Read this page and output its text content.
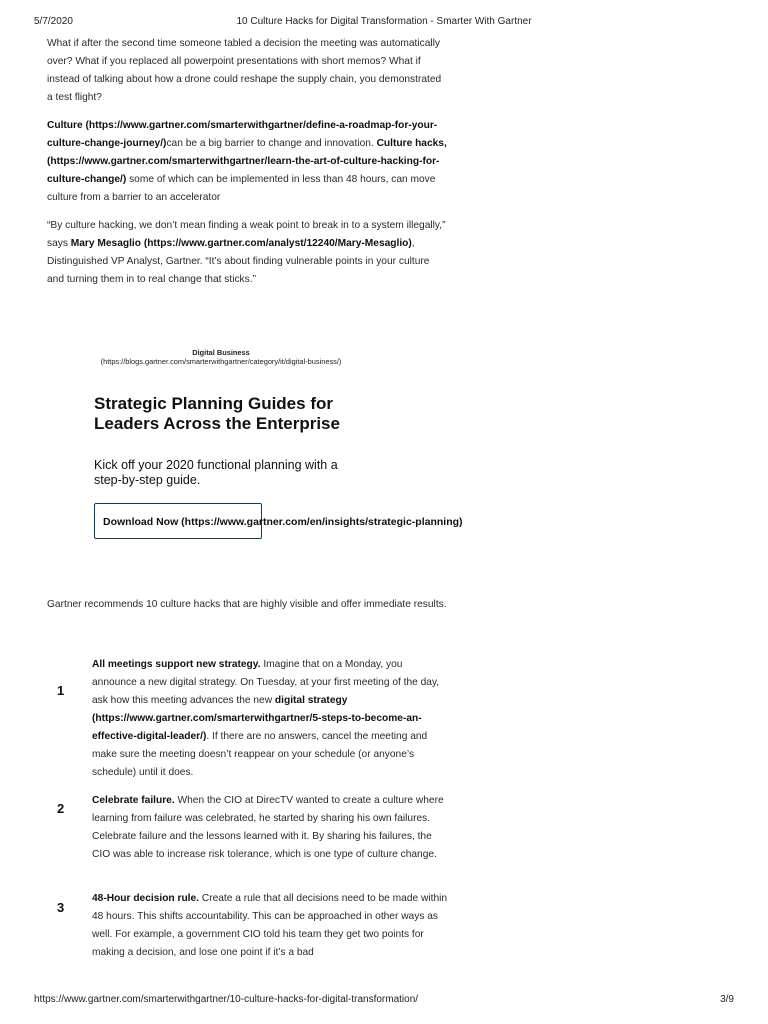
5/7/2020	10 Culture Hacks for Digital Transformation - Smarter With Gartner
What if after the second time someone tabled a decision the meeting was automatically over? What if you replaced all powerpoint presentations with short memos? What if instead of talking about how a drone could reshape the supply chain, you demonstrated a test flight?
Culture (https://www.gartner.com/smarterwithgartner/define-a-roadmap-for-your-culture-change-journey/)can be a big barrier to change and innovation. Culture hacks, (https://www.gartner.com/smarterwithgartner/learn-the-art-of-culture-hacking-for-culture-change/) some of which can be implemented in less than 48 hours, can move culture from a barrier to an accelerator
“By culture hacking, we don’t mean finding a weak point to break in to a system illegally,” says Mary Mesaglio (https://www.gartner.com/analyst/12240/Mary-Mesaglio), Distinguished VP Analyst, Gartner. “It’s about finding vulnerable points in your culture and turning them in to real change that sticks.”
Digital Business
(https://blogs.gartner.com/smarterwithgartner/category/it/digital-business/)
Strategic Planning Guides for Leaders Across the Enterprise
Kick off your 2020 functional planning with a step-by-step guide.
Download Now (https://www.gartner.com/en/insights/strategic-planning)
Gartner recommends 10 culture hacks that are highly visible and offer immediate results.
1
All meetings support new strategy. Imagine that on a Monday, you announce a new digital strategy. On Tuesday, at your first meeting of the day, ask how this meeting advances the new digital strategy (https://www.gartner.com/smarterwithgartner/5-steps-to-become-an-effective-digital-leader/). If there are no answers, cancel the meeting and make sure the meeting doesn’t reappear on your schedule (or anyone’s schedule) until it does.
2
Celebrate failure. When the CIO at DirecTV wanted to create a culture where learning from failure was celebrated, he started by sharing his own failures. Celebrate failure and the lessons learned with it. By sharing his failures, the CIO was able to increase risk tolerance, which is one type of culture change.
3
48-Hour decision rule. Create a rule that all decisions need to be made within 48 hours. This shifts accountability. This can be approached in other ways as well. For example, a government CIO told his team they get two points for making a decision, and lose one point if it’s a bad
https://www.gartner.com/smarterwithgartner/10-culture-hacks-for-digital-transformation/	3/9
